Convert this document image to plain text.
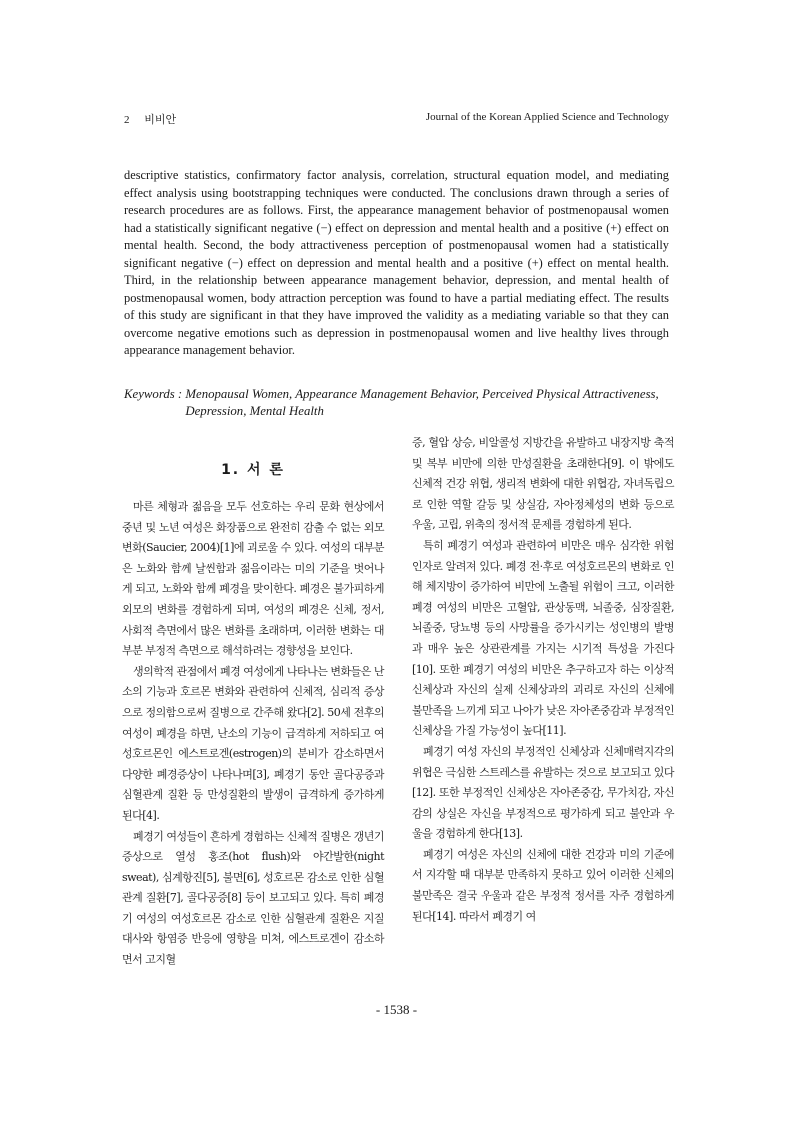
2 비비안	Journal of the Korean Applied Science and Technology
descriptive statistics, confirmatory factor analysis, correlation, structural equation model, and mediating effect analysis using bootstrapping techniques were conducted. The conclusions drawn through a series of research procedures are as follows. First, the appearance management behavior of postmenopausal women had a statistically significant negative (−) effect on depression and mental health and a positive (+) effect on mental health. Second, the body attractiveness perception of postmenopausal women had a statistically significant negative (−) effect on depression and mental health and a positive (+) effect on mental health. Third, in the relationship between appearance management behavior, depression, and mental health of postmenopausal women, body attraction perception was found to have a partial mediating effect. The results of this study are significant in that they have improved the validity as a mediating variable so that they can overcome negative emotions such as depression in postmenopausal women and live healthy lives through appearance management behavior.
Keywords : Menopausal Women, Appearance Management Behavior, Perceived Physical Attractiveness, Depression, Mental Health
1. 서 론

마른 체형과 젊음을 모두 선호하는 우리 문화 현상에서 중년 및 노년 여성은 화장품으로 완전히 감출 수 없는 외모 변화(Saucier, 2004)[1]에 괴로울 수 있다. 여성의 대부분은 노화와 함께 날씬함과 젊음이라는 미의 기준을 벗어나게 되고, 노화와 함께 폐경을 맞이한다. 폐경은 불가피하게 외모의 변화를 경험하게 되며, 여성의 폐경은 신체, 정서, 사회적 측면에서 많은 변화를 초래하며, 이러한 변화는 대부분 부정적 측면으로 해석하려는 경향성을 보인다.

생의학적 관점에서 폐경 여성에게 나타나는 변화들은 난소의 기능과 호르몬 변화와 관련하여 신체적, 심리적 증상으로 정의함으로써 질병으로 간주해 왔다[2]. 50세 전후의 여성이 폐경을 하면, 난소의 기능이 급격하게 저하되고 여성호르몬인 에스트로겐(estrogen)의 분비가 감소하면서 다양한 폐경증상이 나타나며[3], 폐경기 동안 골다공증과 심혈관계 질환 등 만성질환의 발생이 급격하게 증가하게 된다[4].

폐경기 여성들이 흔하게 경험하는 신체적 질병은 갱년기 증상으로 열성 홍조(hot flush)와 야간발한(night sweat), 심계항진[5], 불면[6], 성호르몬 감소로 인한 심혈관계 질환[7], 골다공증[8] 등이 보고되고 있다. 특히 폐경기 여성의 여성호르몬 감소로 인한 심혈관계 질환은 지질대사와 항염증 반응에 영향을 미쳐, 에스트로겐이 감소하면서 고지혈

증, 혈압 상승, 비알콜성 지방간을 유발하고 내장지방 축적 및 복부 비만에 의한 만성질환을 초래한다[9]. 이 밖에도 신체적 건강 위협, 생리적 변화에 대한 위협감, 자녀독립으로 인한 역할 갈등 및 상실감, 자아정체성의 변화 등으로 우울, 고립, 위축의 정서적 문제를 경험하게 된다.

특히 폐경기 여성과 관련하여 비만은 매우 심각한 위험인자로 알려져 있다. 폐경 전·후로 여성호르몬의 변화로 인해 체지방이 증가하여 비만에 노출될 위험이 크고, 이러한 폐경 여성의 비만은 고혈압, 관상동맥, 뇌졸중, 심장질환, 뇌졸중, 당뇨병 등의 사망률을 증가시키는 성인병의 발병과 매우 높은 상관관계를 가지는 시기적 특성을 가진다[10]. 또한 폐경기 여성의 비만은 추구하고자 하는 이상적 신체상과 자신의 실제 신체상과의 괴리로 자신의 신체에 불만족을 느끼게 되고 나아가 낮은 자아존중감과 부정적인 신체상을 가질 가능성이 높다[11].

폐경기 여성 자신의 부정적인 신체상과 신체매력지각의 위협은 극심한 스트레스를 유발하는 것으로 보고되고 있다[12]. 또한 부정적인 신체상은 자아존중감, 무가치감, 자신감의 상실은 자신을 부정적으로 평가하게 되고 불안과 우울을 경험하게 한다[13].

폐경기 여성은 자신의 신체에 대한 건강과 미의 기준에서 지각할 때 대부분 만족하지 못하고 있어 이러한 신체의 불만족은 결국 우울과 같은 부정적 정서를 자주 경험하게 된다[14]. 따라서 폐경기 여

- 1538 -
